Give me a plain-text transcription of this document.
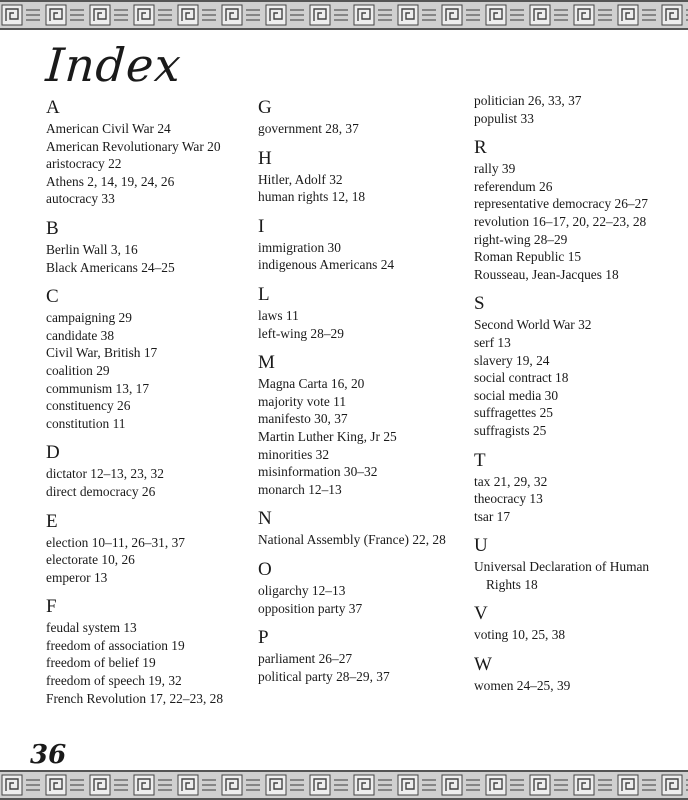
Index
A
American Civil War 24
American Revolutionary War 20
aristocracy 22
Athens 2, 14, 19, 24, 26
autocracy 33
B
Berlin Wall 3, 16
Black Americans 24–25
C
campaigning 29
candidate 38
Civil War, British 17
coalition 29
communism 13, 17
constituency 26
constitution 11
D
dictator 12–13, 23, 32
direct democracy 26
E
election 10–11, 26–31, 37
electorate 10, 26
emperor 13
F
feudal system 13
freedom of association 19
freedom of belief 19
freedom of speech 19, 32
French Revolution 17, 22–23, 28
G
government 28, 37
H
Hitler, Adolf 32
human rights 12, 18
I
immigration 30
indigenous Americans 24
L
laws 11
left-wing 28–29
M
Magna Carta 16, 20
majority vote 11
manifesto 30, 37
Martin Luther King, Jr 25
minorities 32
misinformation 30–32
monarch 12–13
N
National Assembly (France) 22, 28
O
oligarchy 12–13
opposition party 37
P
parliament 26–27
political party 28–29, 37
politician 26, 33, 37
populist 33
R
rally 39
referendum 26
representative democracy 26–27
revolution 16–17, 20, 22–23, 28
right-wing 28–29
Roman Republic 15
Rousseau, Jean-Jacques 18
S
Second World War 32
serf 13
slavery 19, 24
social contract 18
social media 30
suffragettes 25
suffragists 25
T
tax 21, 29, 32
theocracy 13
tsar 17
U
Universal Declaration of Human Rights 18
V
voting 10, 25, 38
W
women 24–25, 39
36
